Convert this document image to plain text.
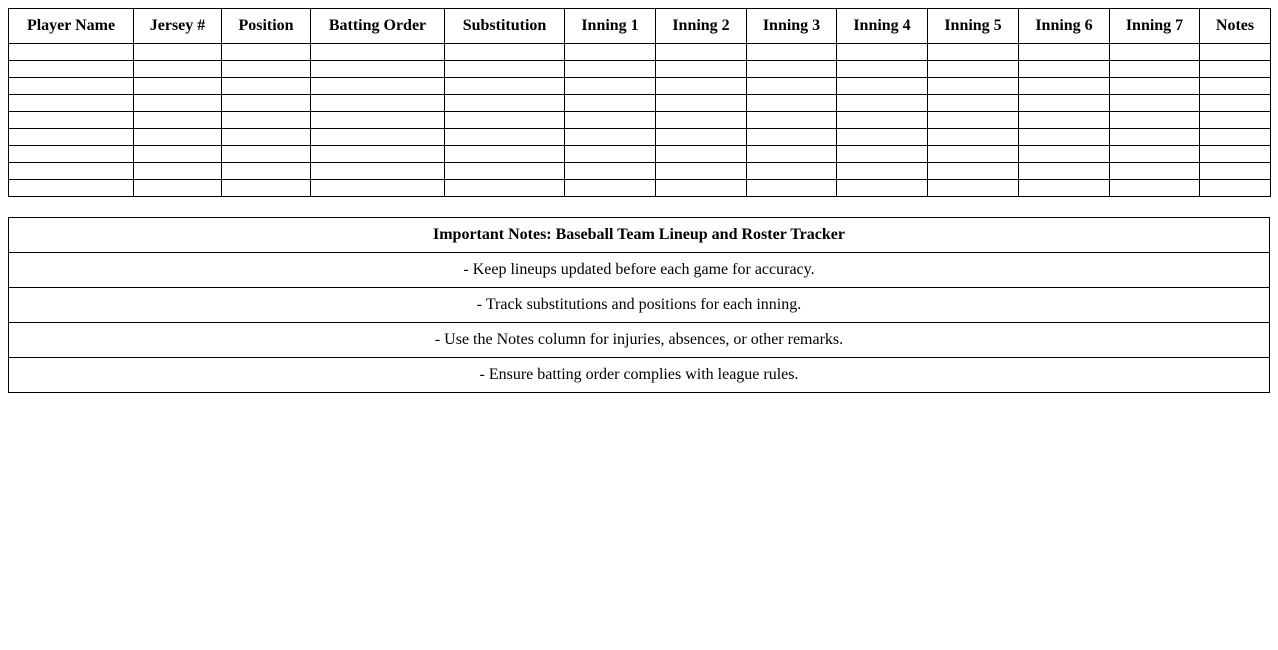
Player Name	Jersey #	Position	Batting Order	Substitution	Inning 1	Inning 2	Inning 3	Inning 4	Inning 5	Inning 6	Inning 7	Notes

Important Notes: Baseball Team Lineup and Roster Tracker
- Keep lineups updated before each game for accuracy.
- Track substitutions and positions for each inning.
- Use the Notes column for injuries, absences, or other remarks.
- Ensure batting order complies with league rules.
